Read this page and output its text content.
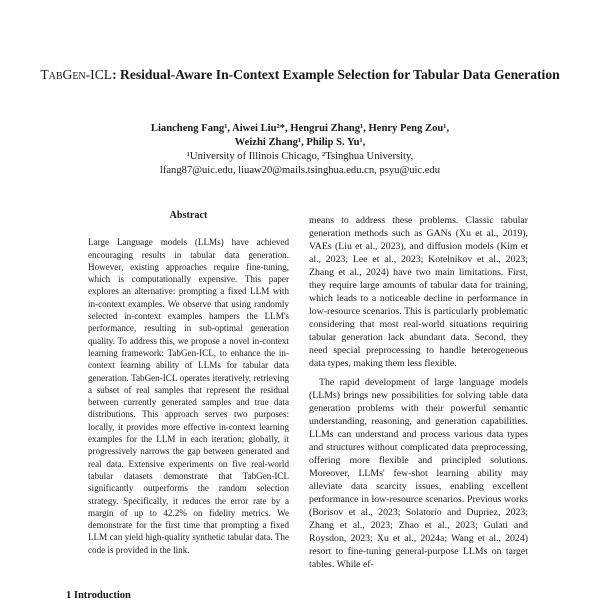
TabGen-ICL: Residual-Aware In-Context Example Selection for Tabular Data Generation
Liancheng Fang¹, Aiwei Liu²*, Hengrui Zhang¹, Henry Peng Zou¹,
Weizhi Zhang¹, Philip S. Yu¹,
¹University of Illinois Chicago, ²Tsinghua University,
lfang87@uic.edu, liuaw20@mails.tsinghua.edu.cn, psyu@uic.edu
Abstract

Large Language models (LLMs) have achieved encouraging results in tabular data generation. However, existing approaches require fine-tuning, which is computationally expensive. This paper explores an alternative: prompting a fixed LLM with in-context examples. We observe that using randomly selected in-context examples hampers the LLM's performance, resulting in sub-optimal generation quality. To address this, we propose a novel in-context learning framework: TabGen-ICL, to enhance the in-context learning ability of LLMs for tabular data generation. TabGen-ICL operates iteratively, retrieving a subset of real samples that represent the residual between currently generated samples and true data distributions. This approach serves two purposes: locally, it provides more effective in-context learning examples for the LLM in each iteration; globally, it progressively narrows the gap between generated and real data. Extensive experiments on five real-world tabular datasets demonstrate that TabGen-ICL significantly outperforms the random selection strategy. Specifically, it reduces the error rate by a margin of up to 42.2% on fidelity metrics. We demonstrate for the first time that prompting a fixed LLM can yield high-quality synthetic tabular data. The code is provided in the link.

means to address these problems. Classic tabular generation methods such as GANs (Xu et al., 2019), VAEs (Liu et al., 2023), and diffusion models (Kim et al., 2023; Lee et al., 2023; Kotelnikov et al., 2023; Zhang et al., 2024) have two main limitations. First, they require large amounts of tabular data for training, which leads to a noticeable decline in performance in low-resource scenarios. This is particularly problematic considering that most real-world situations requiring tabular generation lack abundant data. Second, they need special preprocessing to handle heterogeneous data types, making them less flexible.

The rapid development of large language models (LLMs) brings new possibilities for solving table data generation problems with their powerful semantic understanding, reasoning, and generation capabilities. LLMs can understand and process various data types and structures without complicated data preprocessing, offering more flexible and principled solutions. Moreover, LLMs' few-shot learning ability may alleviate data scarcity issues, enabling excellent performance in low-resource scenarios. Previous works (Borisov et al., 2023; Solatorio and Dupriez, 2023; Zhang et al., 2023; Zhao et al., 2023; Gulati and Roysdon, 2023; Xu et al., 2024a; Wang et al., 2024) resort to fine-tuning general-purpose LLMs on target tables. While ef-

1 Introduction
